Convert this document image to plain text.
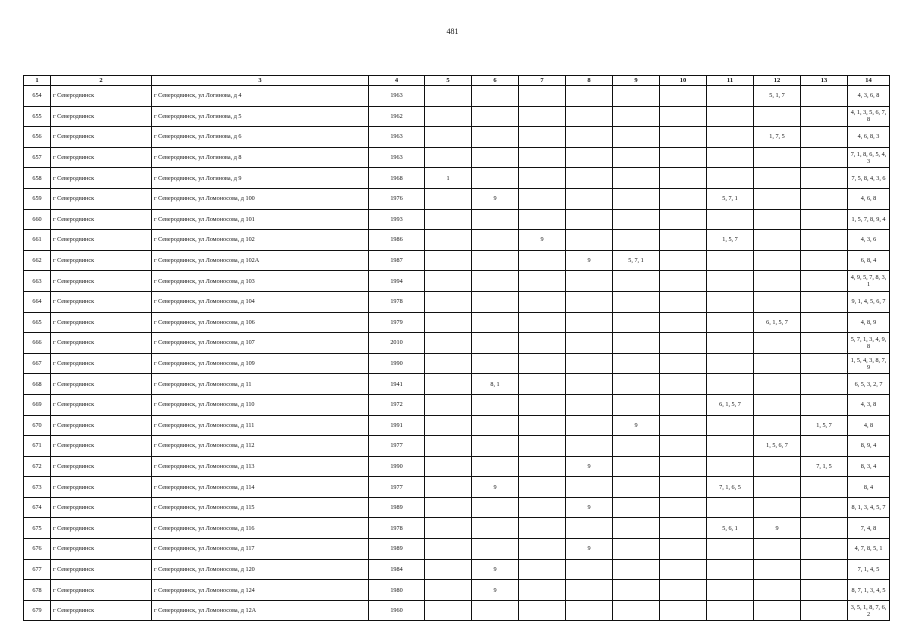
481
1	2	3	4	5	6	7	8	9	10	11	12	13	14
654	г Северодвинск	г Северодвинск, ул Логинова, д 4	1963								5, 1, 7		4, 3, 6, 8
655	г Северодвинск	г Северодвинск, ул Логинова, д 5	1962										4, 1, 3, 5, 6, 7, 8
656	г Северодвинск	г Северодвинск, ул Логинова, д 6	1963								1, 7, 5		4, 6, 8, 3
657	г Северодвинск	г Северодвинск, ул Логинова, д 8	1963										7, 1, 8, 6, 5, 4, 3
658	г Северодвинск	г Северодвинск, ул Логинова, д 9	1968	1									7, 5, 8, 4, 3, 6
659	г Северодвинск	г Северодвинск, ул Ломоносова, д 100	1976		9					5, 7, 1			4, 6, 8
660	г Северодвинск	г Северодвинск, ул Ломоносова, д 101	1993										1, 5, 7, 8, 9, 4
661	г Северодвинск	г Северодвинск, ул Ломоносова, д 102	1986			9				1, 5, 7			4, 3, 6
662	г Северодвинск	г Северодвинск, ул Ломоносова, д 102А	1987				9	5, 7, 1					6, 8, 4
663	г Северодвинск	г Северодвинск, ул Ломоносова, д 103	1994										4, 9, 5, 7, 8, 3, 1
664	г Северодвинск	г Северодвинск, ул Ломоносова, д 104	1978										9, 1, 4, 5, 6, 7
665	г Северодвинск	г Северодвинск, ул Ломоносова, д 106	1979								6, 1, 5, 7		4, 8, 9
666	г Северодвинск	г Северодвинск, ул Ломоносова, д 107	2010										5, 7, 1, 3, 4, 9, 8
667	г Северодвинск	г Северодвинск, ул Ломоносова, д 109	1990										1, 5, 4, 3, 8, 7, 9
668	г Северодвинск	г Северодвинск, ул Ломоносова, д 11	1941		8, 1								6, 5, 3, 2, 7
669	г Северодвинск	г Северодвинск, ул Ломоносова, д 110	1972							6, 1, 5, 7			4, 3, 8
670	г Северодвинск	г Северодвинск, ул Ломоносова, д 111	1991					9				1, 5, 7	4, 8
671	г Северодвинск	г Северодвинск, ул Ломоносова, д 112	1977								1, 5, 6, 7		8, 9, 4
672	г Северодвинск	г Северодвинск, ул Ломоносова, д 113	1990				9					7, 1, 5	8, 3, 4
673	г Северодвинск	г Северодвинск, ул Ломоносова, д 114	1977		9					7, 1, 6, 5			8, 4
674	г Северодвинск	г Северодвинск, ул Ломоносова, д 115	1989				9						8, 1, 3, 4, 5, 7
675	г Северодвинск	г Северодвинск, ул Ломоносова, д 116	1978							5, 6, 1	9		7, 4, 8
676	г Северодвинск	г Северодвинск, ул Ломоносова, д 117	1989				9						4, 7, 8, 5, 1
677	г Северодвинск	г Северодвинск, ул Ломоносова, д 120	1984		9								7, 1, 4, 5
678	г Северодвинск	г Северодвинск, ул Ломоносова, д 124	1980		9								8, 7, 1, 3, 4, 5
679	г Северодвинск	г Северодвинск, ул Ломоносова, д 12А	1960										3, 5, 1, 8, 7, 6, 2
